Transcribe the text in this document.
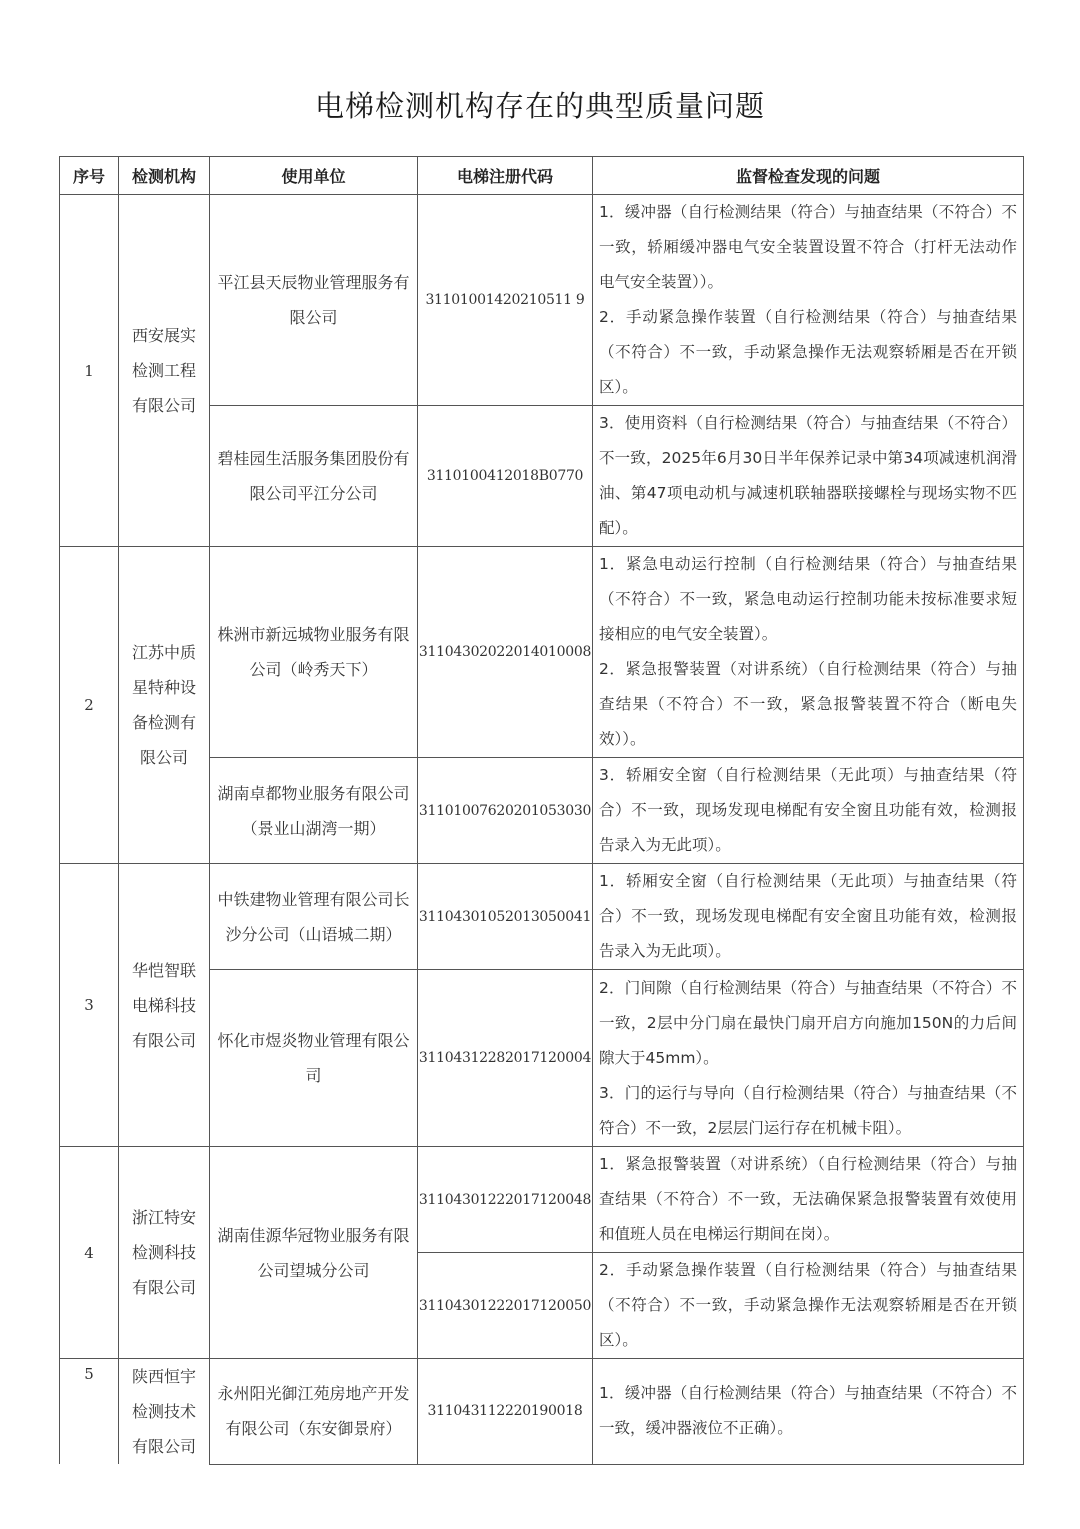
电梯检测机构存在的典型质量问题
序号	检测机构	使用单位	电梯注册代码	监督检查发现的问题
1	西安展实检测工程有限公司	平江县天辰物业管理服务有限公司	31101001420210511 9	1．缓冲器（自行检测结果（符合）与抽查结果（不符合）不一致，轿厢缓冲器电气安全装置设置不符合（打杆无法动作电气安全装置））。

2．手动紧急操作装置（自行检测结果（符合）与抽查结果（不符合）不一致，手动紧急操作无法观察轿厢是否在开锁区）。

		碧桂园生活服务集团股份有限公司平江分公司	3110100412018B0770	3．使用资料（自行检测结果（符合）与抽查结果（不符合）不一致，2025年6月30日半年保养记录中第34项减速机润滑油、第47项电动机与减速机联轴器联接螺栓与现场实物不匹配）。

2	江苏中质星特种设备检测有限公司	株洲市新远城物业服务有限公司（岭秀天下）	31104302022014010008	1．紧急电动运行控制（自行检测结果（符合）与抽查结果（不符合）不一致，紧急电动运行控制功能未按标准要求短接相应的电气安全装置）。

2．紧急报警装置（对讲系统）（自行检测结果（符合）与抽查结果（不符合）不一致，紧急报警装置不符合（断电失效））。

		湖南卓都物业服务有限公司（景业山湖湾一期）	31101007620201053030	3．轿厢安全窗（自行检测结果（无此项）与抽查结果（符合）不一致，现场发现电梯配有安全窗且功能有效，检测报告录入为无此项）。

3	华恺智联电梯科技有限公司	中铁建物业管理有限公司长沙分公司（山语城二期）	31104301052013050041	1．轿厢安全窗（自行检测结果（无此项）与抽查结果（符合）不一致，现场发现电梯配有安全窗且功能有效，检测报告录入为无此项）。

		怀化市煜炎物业管理有限公司	31104312282017120004	2．门间隙（自行检测结果（符合）与抽查结果（不符合）不一致，2层中分门扇在最快门扇开启方向施加150N的力后间隙大于45mm）。

3．门的运行与导向（自行检测结果（符合）与抽查结果（不符合）不一致，2层层门运行存在机械卡阻）。

4	浙江特安检测科技有限公司	湖南佳源华冠物业服务有限公司望城分公司	31104301222017120048	1．紧急报警装置（对讲系统）（自行检测结果（符合）与抽查结果（不符合）不一致，无法确保紧急报警装置有效使用和值班人员在电梯运行期间在岗）。

			31104301222017120050	2．手动紧急操作装置（自行检测结果（符合）与抽查结果（不符合）不一致，手动紧急操作无法观察轿厢是否在开锁区）。

5	陕西恒宇检测技术有限公司	永州阳光御江苑房地产开发有限公司（东安御景府）	311043112220190018	1．缓冲器（自行检测结果（符合）与抽查结果（不符合）不一致，缓冲器液位不正确）。
